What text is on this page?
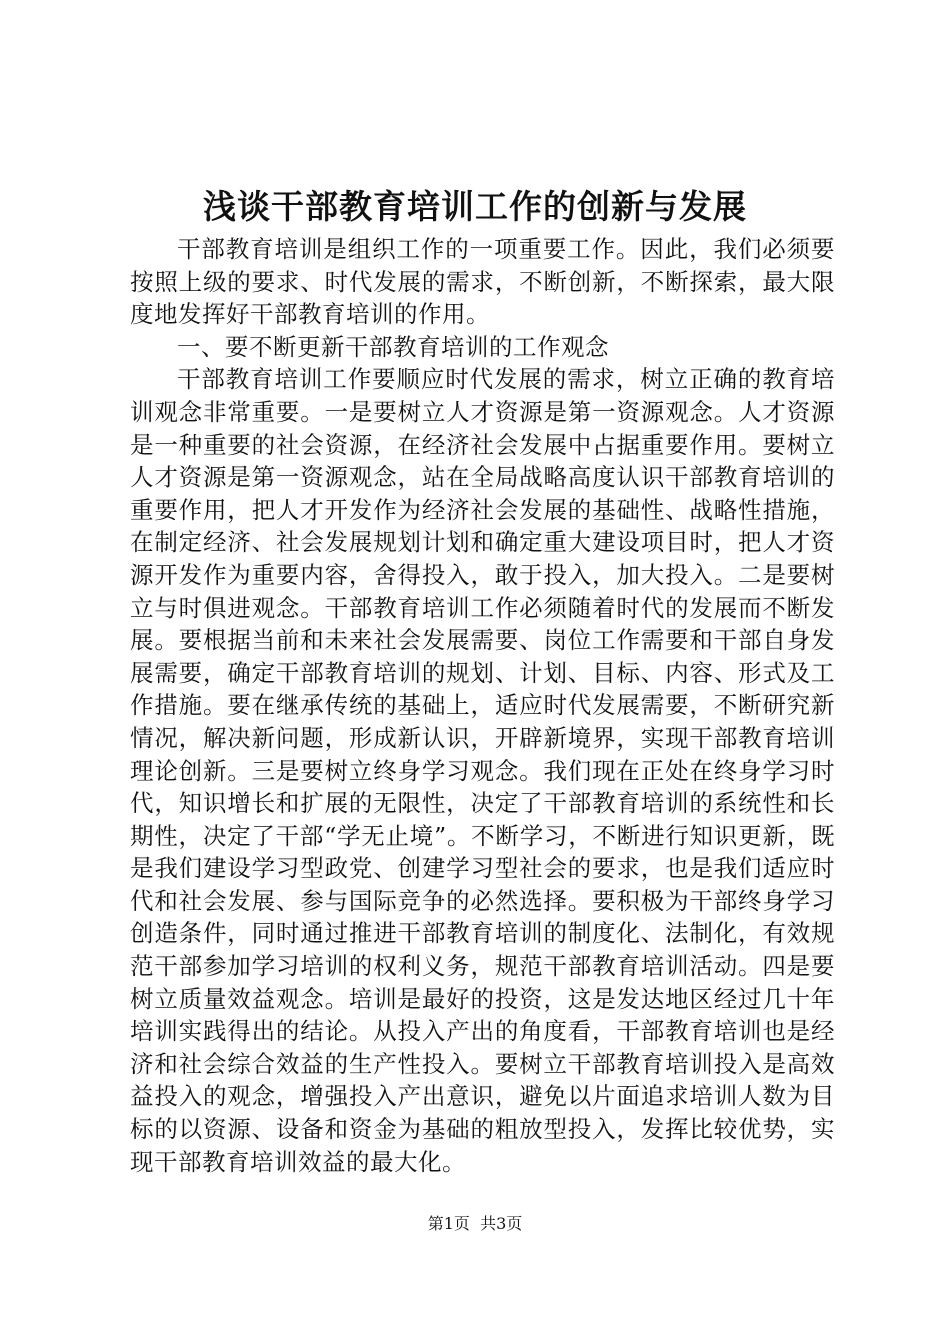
浅谈干部教育培训工作的创新与发展

干部教育培训是组织工作的一项重要工作。因此，我们必须要按照上级的要求、时代发展的需求，不断创新，不断探索，最大限度地发挥好干部教育培训的作用。

一、要不断更新干部教育培训的工作观念

干部教育培训工作要顺应时代发展的需求，树立正确的教育培训观念非常重要。一是要树立人才资源是第一资源观念。人才资源是一种重要的社会资源，在经济社会发展中占据重要作用。要树立人才资源是第一资源观念，站在全局战略高度认识干部教育培训的重要作用，把人才开发作为经济社会发展的基础性、战略性措施，在制定经济、社会发展规划计划和确定重大建设项目时，把人才资源开发作为重要内容，舍得投入，敢于投入，加大投入。二是要树立与时俱进观念。干部教育培训工作必须随着时代的发展而不断发展。要根据当前和未来社会发展需要、岗位工作需要和干部自身发展需要，确定干部教育培训的规划、计划、目标、内容、形式及工作措施。要在继承传统的基础上，适应时代发展需要，不断研究新情况，解决新问题，形成新认识，开辟新境界，实现干部教育培训理论创新。三是要树立终身学习观念。我们现在正处在终身学习时代，知识增长和扩展的无限性，决定了干部教育培训的系统性和长期性，决定了干部“学无止境”。不断学习，不断进行知识更新，既是我们建设学习型政党、创建学习型社会的要求，也是我们适应时代和社会发展、参与国际竞争的必然选择。要积极为干部终身学习创造条件，同时通过推进干部教育培训的制度化、法制化，有效规范干部参加学习培训的权利义务，规范干部教育培训活动。四是要树立质量效益观念。培训是最好的投资，这是发达地区经过几十年培训实践得出的结论。从投入产出的角度看，干部教育培训也是经济和社会综合效益的生产性投入。要树立干部教育培训投入是高效益投入的观念，增强投入产出意识，避免以片面追求培训人数为目标的以资源、设备和资金为基础的粗放型投入，发挥比较优势，实现干部教育培训效益的最大化。

第1页 共3页
